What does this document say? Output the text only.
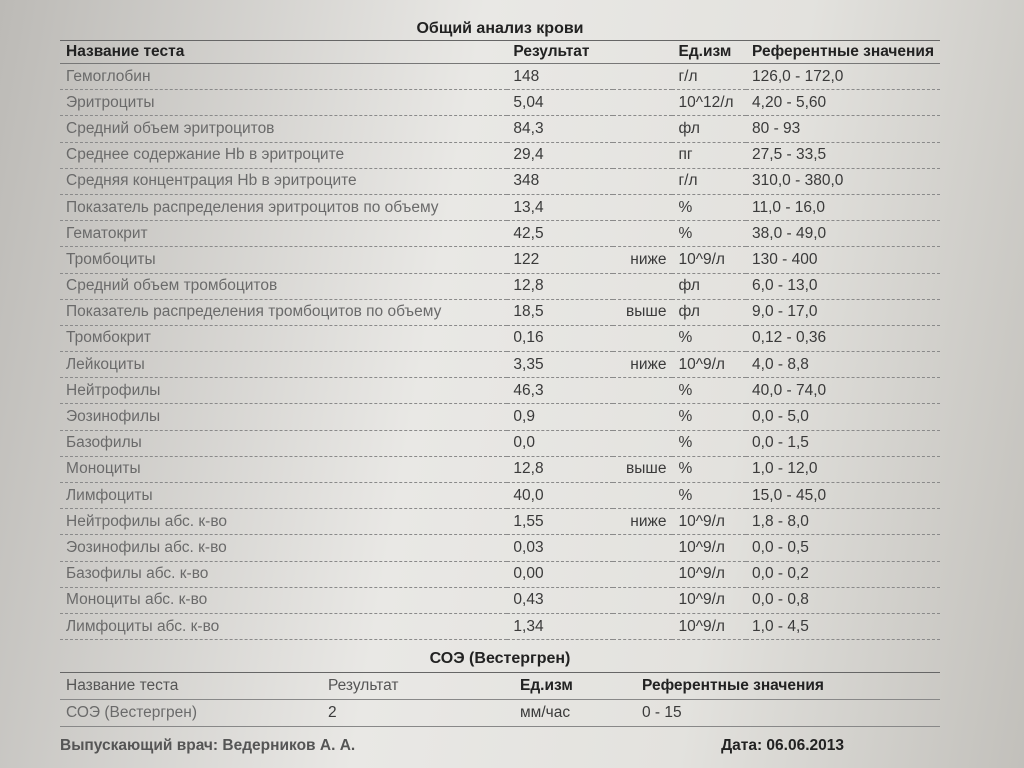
Общий анализ крови
Название теста	Результат		Ед.изм	Референтные значения
Гемоглобин	148		г/л	126,0 - 172,0
Эритроциты	5,04		10^12/л	4,20 - 5,60
Средний объем эритроцитов	84,3		фл	80 - 93
Среднее содержание Hb в эритроците	29,4		пг	27,5 - 33,5
Средняя концентрация Hb в эритроците	348		г/л	310,0 - 380,0
Показатель распределения эритроцитов по объему	13,4		%	11,0 - 16,0
Гематокрит	42,5		%	38,0 - 49,0
Тромбоциты	122	ниже	10^9/л	130 - 400
Средний объем тромбоцитов	12,8		фл	6,0 - 13,0
Показатель распределения тромбоцитов по объему	18,5	выше	фл	9,0 - 17,0
Тромбокрит	0,16		%	0,12 - 0,36
Лейкоциты	3,35	ниже	10^9/л	4,0 - 8,8
Нейтрофилы	46,3		%	40,0 - 74,0
Эозинофилы	0,9		%	0,0 - 5,0
Базофилы	0,0		%	0,0 - 1,5
Моноциты	12,8	выше	%	1,0 - 12,0
Лимфоциты	40,0		%	15,0 - 45,0
Нейтрофилы абс. к-во	1,55	ниже	10^9/л	1,8 - 8,0
Эозинофилы абс. к-во	0,03		10^9/л	0,0 - 0,5
Базофилы абс. к-во	0,00		10^9/л	0,0 - 0,2
Моноциты абс. к-во	0,43		10^9/л	0,0 - 0,8
Лимфоциты абс. к-во	1,34		10^9/л	1,0 - 4,5
СОЭ (Вестергрен)
Название теста	Результат	Ед.изм	Референтные значения
СОЭ (Вестергрен)	2	мм/час	0 - 15
Выпускающий врач: Ведерников А. А.	Дата: 06.06.2013
